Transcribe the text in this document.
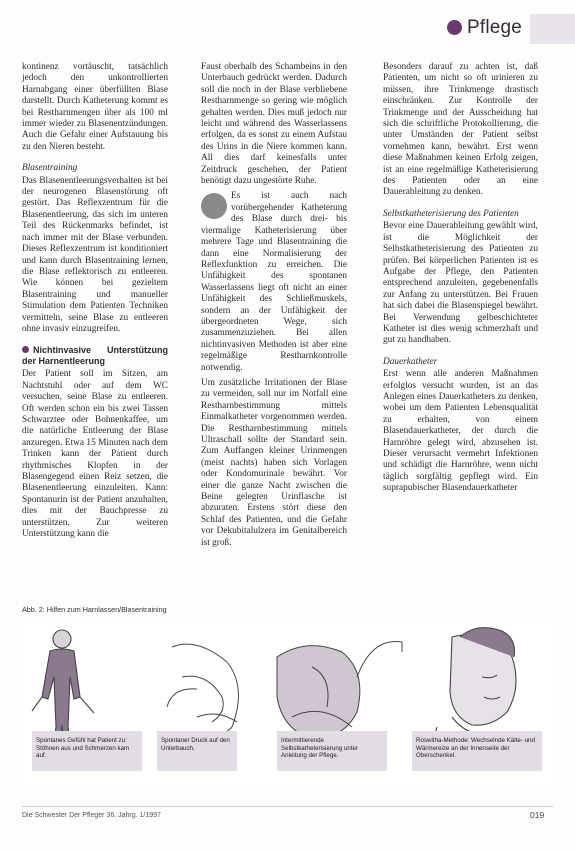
Pflege

kontinenz vortäuscht, tatsächlich jedoch den unkontrollierten Harnabgang einer überfüllten Blase darstellt. Durch Katheterung kommt es bei Restharnmengen über als 100 ml immer wieder zu Blasenentzündungen. Auch die Gefahr einer Aufstauung bis zu den Nieren besteht.

Blasentraining

Das Blasenentleerungsverhalten ist bei der neurogenen Blasenstörung oft gestört. Das Reflexzentrum für die Blasenentleerung, das sich im unteren Teil des Rückenmarks befindet, ist nach immer mit der Blase verbunden. Dieses Reflexzentrum ist konditioniert und kann durch Blasentraining lernen, die Blase reflektorisch zu entleeren. Wie können bei gezieltem Blasentraining und manueller Stimulation dem Patienten Techniken vermitteln, seine Blase zu entleeren ohne invasiv einzugreifen.

Nichtinvasive Unterstützung der Harnentleerung

Der Patient soll im Sitzen, am Nachtstuhl oder auf dem WC versuchen, seine Blase zu entleeren. Oft werden schon ein bis zwei Tassen Schwarztee oder Bohnenkaffee, um die natürliche Entleerung der Blase anzuregen. Etwa 15 Minuten nach dem Trinken kann der Patient durch rhythmisches Klopfen in der Blasengegend einen Reiz setzen, die Blasenentleerung einzuleiten. Kann: Spontanurin ist der Patient anzuhalten, dies mit der Bauchpresse zu unterstützen. Zur weiteren Unterstützung kann die

Faust oberhalb des Schambeins in den Unterbauch gedrückt werden. Dadurch soll die noch in der Blase verbliebene Restharnmenge so gering wie möglich gehalten werden. Dies muß jedoch nur leicht und während des Wasserlassens erfolgen, da es sonst zu einem Aufstau des Urins in die Niere kommen kann. All dies darf keinesfalls unter Zeitdruck geschehen, der Patient benötigt dazu ungestörte Ruhe.

Es ist auch nach vorübergehender Katheterung des Blase durch drei- bis viermalige Katheterisierung über mehrere Tage und Blasentraining die dann eine Normalisierung der Reflexfunktion zu erreichen. Die Unfähigkeit des spontanen Wasserlassens liegt oft nicht an einer Unfähigkeit des Schließmuskels, sondern an der Unfähigkeit der übergeordneten Wege, sich zusammenzuziehen. Bei allen nichtinvasiven Methoden ist aber eine regelmäßige Restharnkontrolle notwendig.

Um zusätzliche Irritationen der Blase zu vermeiden, soll nur im Notfall eine Restharnbestimmung mittels Einmalkatheter vorgenommen werden. Die Restharnbestimmung mittels Ultraschall sollte der Standard sein. Zum Auffangen kleiner Urinmengen (meist nachts) haben sich Vorlagen oder Kondomurinale bewährt. Vor einer die ganze Nacht zwischen die Beine gelegten Urinflasche ist abzuraten. Erstens stört diese den Schlaf des Patienten, und die Gefahr vor Dekubitalulzera im Genitalbereich ist groß.

Besonders darauf zu achten ist, daß Patienten, um nicht so oft urinieren zu müssen, ihre Trinkmenge drastisch einschränken. Zur Kontrolle der Trinkmenge und der Ausscheidung hat sich die schriftliche Protokollierung, die unter Umständen der Patient selbst vornehmen kann, bewährt. Erst wenn diese Maßnahmen keinen Erfolg zeigen, ist an eine regelmäßige Katheterisierung des Patienten oder an eine Dauerableitung zu denken.

Selbstkatheterisierung des Patienten

Bevor eine Dauerableitung gewählt wird, ist die Möglichkeit der Selbstkatheterisierung des Patienten zu prüfen. Bei körperlichen Patienten ist es Aufgabe der Pflege, den Patienten entsprechend anzuleiten, gegebenenfalls zur Anfang zu unterstützen. Bei Frauen hat sich dabei die Blasenspiegel bewährt. Bei Verwendung gelbeschichteter Katheter ist dies wenig schmerzhaft und gut zu handhaben.

Dauerkatheter

Erst wenn alle anderen Maßnahmen erfolglos versucht wurden, ist an das Anlegen eines Dauerkatheters zu denken, wobei um dem Patienten Lebensqualität zu erhalten, von einem Blasendauerkatheter, der durch die Harnröhre gelegt wird, abzusehen ist. Dieser verursacht vermehrt Infektionen und schädigt die Harnröhre, wenn nicht täglich sorgfältig gepflegt wird. Ein suprapubischer Blasendauerkatheter

Abb. 2: Hilfen zum Harnlassen/Blasentraining
Spontanes Gefühl hat Patient zu: Stöhnen aus und Schmerzen kam auf.
Spontaner Druck auf den Unterbauch.
Intermittierende Selbstkatheterisierung unter Anleitung der Pflege.
Roswitha-Methode: Wechselnde Kälte- und Wärmereize an der Innenseite der Oberschenkel.
Die Schwester Der Pfleger 36. Jahrg. 1/1997	019
